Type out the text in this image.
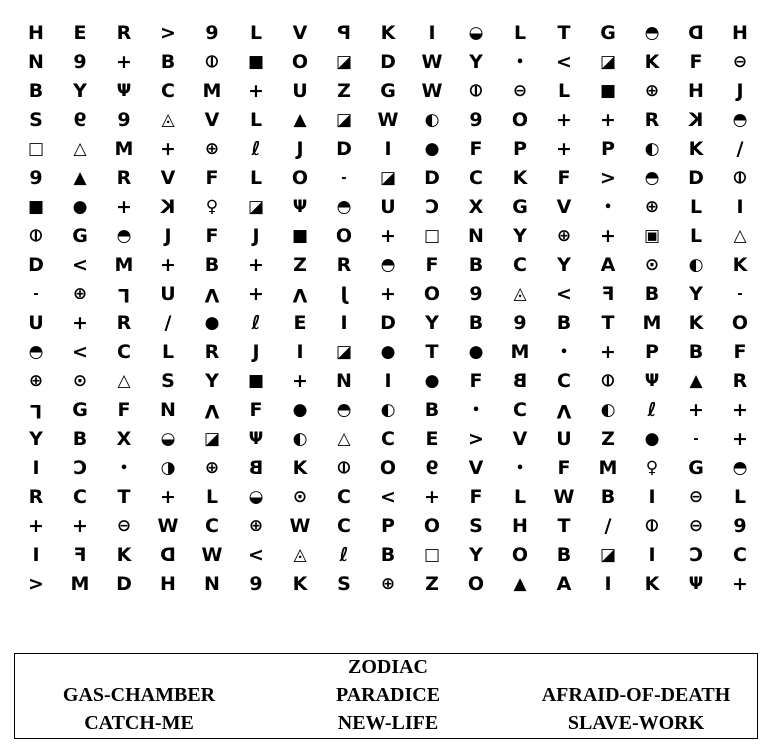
H	E	R	>	9	L	V	P	K	I	◒	L	T	G	◓	D	H
N	9	+	B	⦶	■	O	◪	D	W	Y	•	<	◪	K	F	⊖
B	Y	Ψ	C	M	+	U	Z	G	W	⦶	⊖	L	■	⊕	H	J
S	9	9	◬	V	L	▲	◪	W	◐	9	O	+	+	R	K	◓
□	△	M	+	⊕	ℓ	J	D	I	●	F	P	+	P	◐	K	/
9	▲	R	V	F	L	O	-	◪	D	C	K	F	>	◓	D	⦶
■	●	+	K	♀	◪	Ψ	◓	U	C	X	G	V	•	⊕	L	I
⦶	G	◓	J	F	J	■	O	+	□	N	Y	⊕	+	▣	L	△
D	<	M	+	B	+	Z	R	◓	F	B	C	Y	A	⊙	◐	K
-	⊕	L	U	V	+	V	J	+	O	9	◬	<	F	B	Y	-
U	+	R	/	●	ℓ	E	I	D	Y	B	9	B	T	M	K	O
◓	<	C	L	R	J	I	◪	●	T	●	M	•	+	P	B	F
⊕	⊙	△	S	Y	■	+	N	I	●	F	B	C	⦶	Ψ	▲	R
L	G	F	N	V	F	●	◓	◐	B	•	C	V	◐	ℓ	+	+
Y	B	X	◒	◪	Ψ	◐	△	C	E	>	V	U	Z	●	-	+
I	C	•	◑	⊕	B	K	⦶	O	9	V	•	F	M	♀	G	◓
R	C	T	+	L	◒	⊙	C	<	+	F	L	W	B	I	⊖	L
+	+	⊖	W	C	⊕	W	C	P	O	S	H	T	/	⦶	⊖	9
I	F	K	D	W	<	◬	ℓ	B	□	Y	O	B	◪	I	C	C
>	M	D	H	N	9	K	S	⊕	Z	O	▲	A	I	K	Ψ	+
ZODIAC
GAS-CHAMBER	PARADICE	AFRAID-OF-DEATH
CATCH-ME	NEW-LIFE	SLAVE-WORK
